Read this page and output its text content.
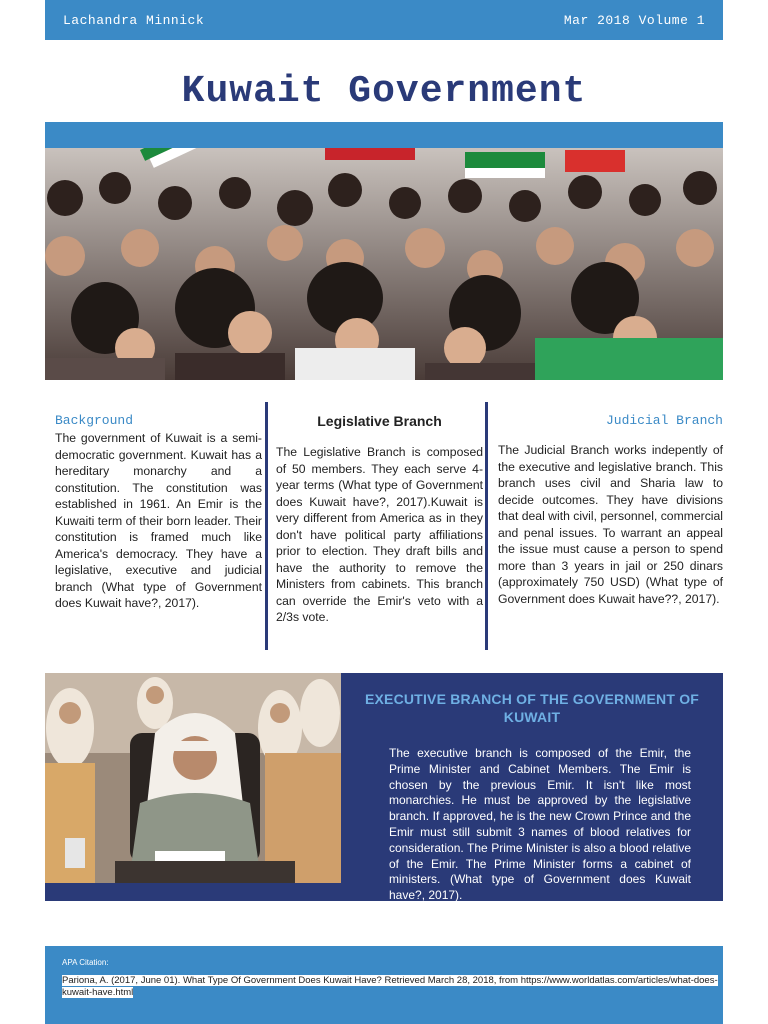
Lachandra Minnick	Mar 2018 Volume 1
Kuwait Government
Background

The government of Kuwait is a semi-democratic government. Kuwait has a hereditary monarchy and a constitution. The constitution was established in 1961. An Emir is the Kuwaiti term of their born leader. Their constitution is framed much like America's democracy. They have a legislative, executive and judicial branch (What type of Government does Kuwait have?, 2017).

Legislative Branch

The Legislative Branch is composed of 50 members. They each serve 4-year terms (What type of Government does Kuwait have?, 2017).Kuwait is very different from America as in they don't have political party affiliations prior to election. They draft bills and have the authority to remove the Ministers from cabinets. This branch can override the Emir's veto with a 2/3s vote.

Judicial Branch

The Judicial Branch works indepently of the executive and legislative branch. This branch uses civil and Sharia law to decide outcomes. They have divisions that deal with civil, personnel, commercial and penal issues. To warrant an appeal the issue must cause a person to spend more than 3 years in jail or 250 dinars (approximately 750 USD) (What type of Government does Kuwait have??, 2017).

EXECUTIVE BRANCH OF THE GOVERNMENT OF KUWAIT
The executive branch is composed of the Emir, the Prime Minister and Cabinet Members. The Emir is chosen by the previous Emir. It isn't like most monarchies. He must be approved by the legislative branch. If approved, he is the new Crown Prince and the Emir must still submit 3 names of blood relatives for consideration. The Prime Minister is also a blood relative of the Emir. The Prime Minister forms a cabinet of ministers. (What type of Government does Kuwait have?, 2017).
APA Citation:
Pariona, A. (2017, June 01). What Type Of Government Does Kuwait Have? Retrieved March 28, 2018, from https://www.worldatlas.com/articles/what-does-kuwait-have.html
